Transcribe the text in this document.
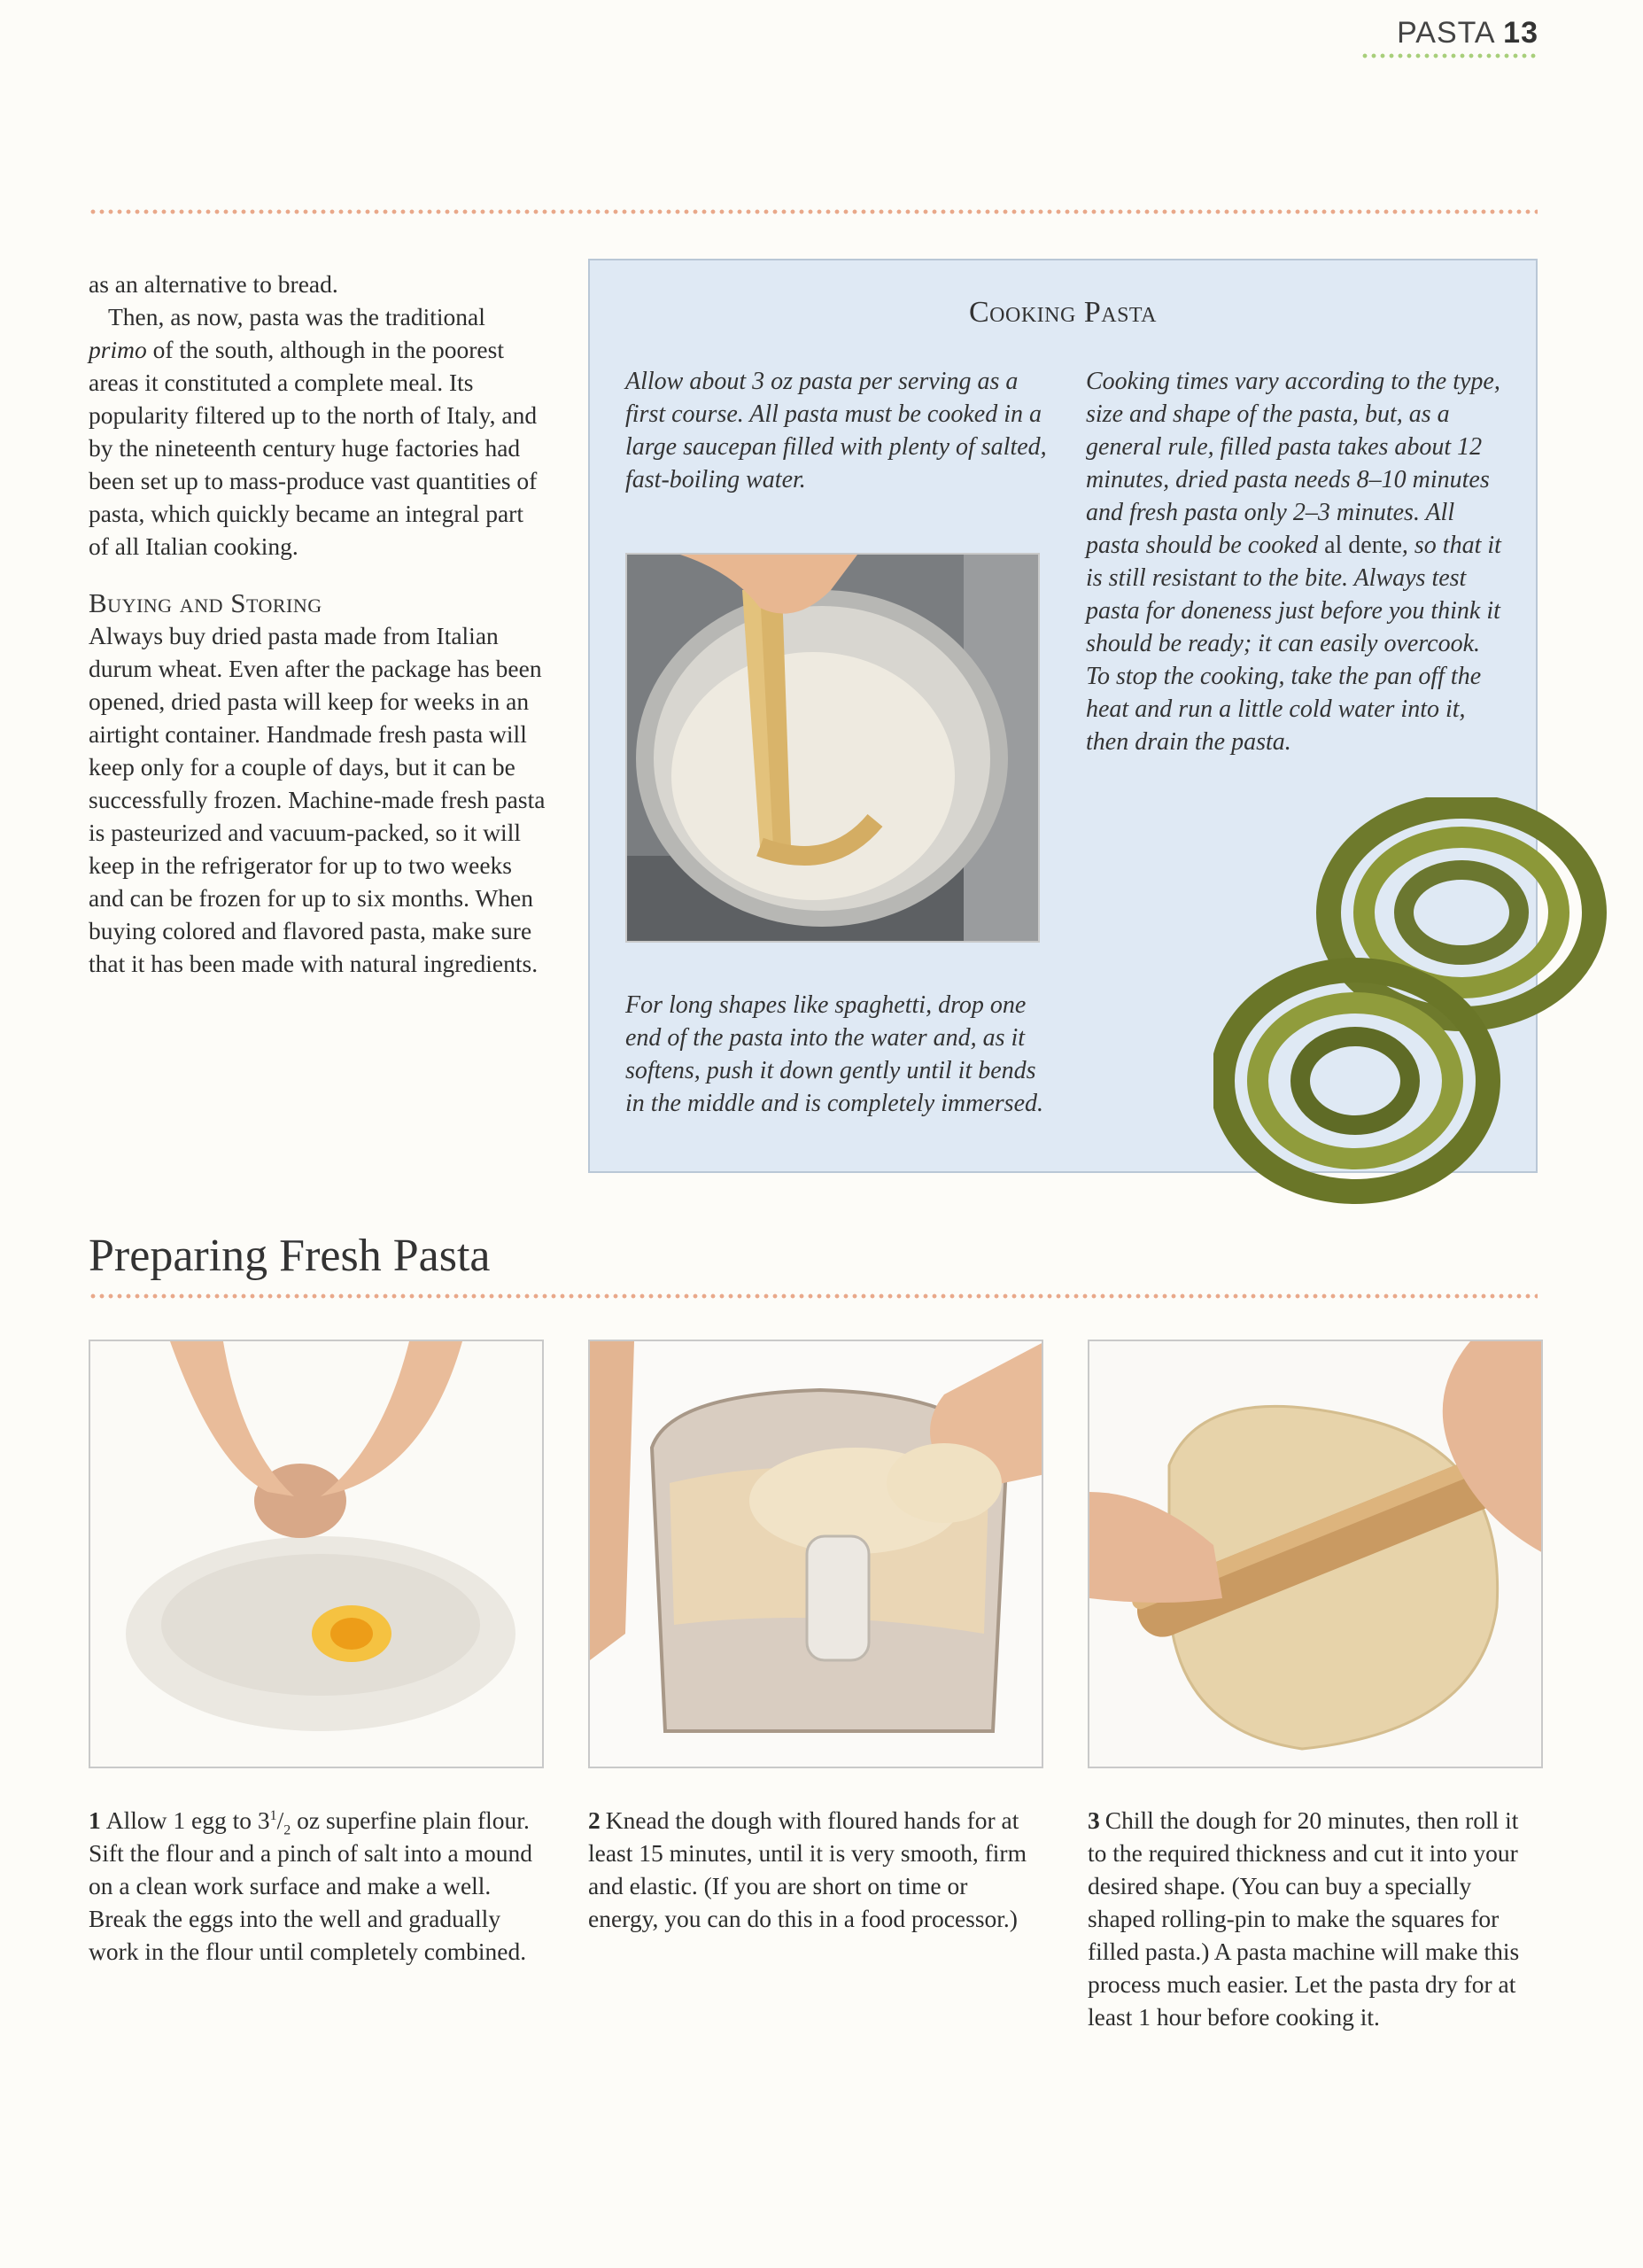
PASTA 13

as an alternative to bread.

Then, as now, pasta was the traditional primo of the south, although in the poorest areas it constituted a complete meal. Its popularity filtered up to the north of Italy, and by the nineteenth century huge factories had been set up to mass-produce vast quantities of pasta, which quickly became an integral part of all Italian cooking.

Buying and Storing

Always buy dried pasta made from Italian durum wheat. Even after the package has been opened, dried pasta will keep for weeks in an airtight container. Handmade fresh pasta will keep only for a couple of days, but it can be successfully frozen. Machine-made fresh pasta is pasteurized and vacuum-packed, so it will keep in the refrigerator for up to two weeks and can be frozen for up to six months. When buying colored and flavored pasta, make sure that it has been made with natural ingredients.

Cooking Pasta
Allow about 3 oz pasta per serving as a first course. All pasta must be cooked in a large saucepan filled with plenty of salted, fast-boiling water.
For long shapes like spaghetti, drop one end of the pasta into the water and, as it softens, push it down gently until it bends in the middle and is completely immersed.
Cooking times vary according to the type, size and shape of the pasta, but, as a general rule, filled pasta takes about 12 minutes, dried pasta needs 8–10 minutes and fresh pasta only 2–3 minutes. All pasta should be cooked al dente, so that it is still resistant to the bite. Always test pasta for doneness just before you think it should be ready; it can easily overcook. To stop the cooking, take the pan off the heat and run a little cold water into it, then drain the pasta.
Preparing Fresh Pasta
1 Allow 1 egg to $3^1/_2$ oz superfine plain flour. Sift the flour and a pinch of salt into a mound on a clean work surface and make a well. Break the eggs into the well and gradually work in the flour until completely combined.
2 Knead the dough with floured hands for at least 15 minutes, until it is very smooth, firm and elastic. (If you are short on time or energy, you can do this in a food processor.)
3 Chill the dough for 20 minutes, then roll it to the required thickness and cut it into your desired shape. (You can buy a specially shaped rolling-pin to make the squares for filled pasta.) A pasta machine will make this process much easier. Let the pasta dry for at least 1 hour before cooking it.
